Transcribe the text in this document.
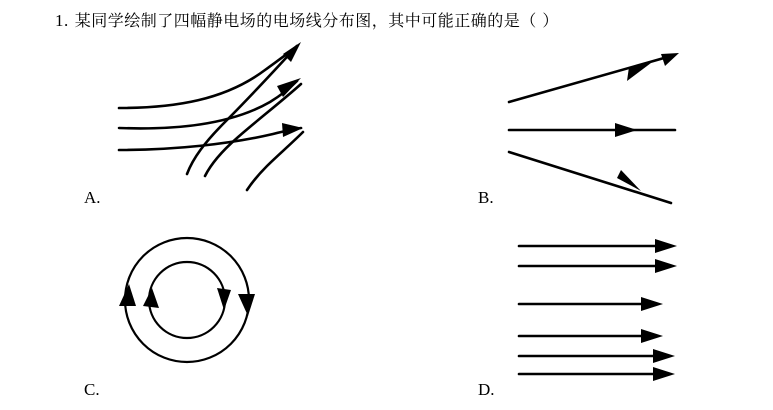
1. 某同学绘制了四幅静电场的电场线分布图，其中可能正确的是（ ）
A.	B.
C.	D.
